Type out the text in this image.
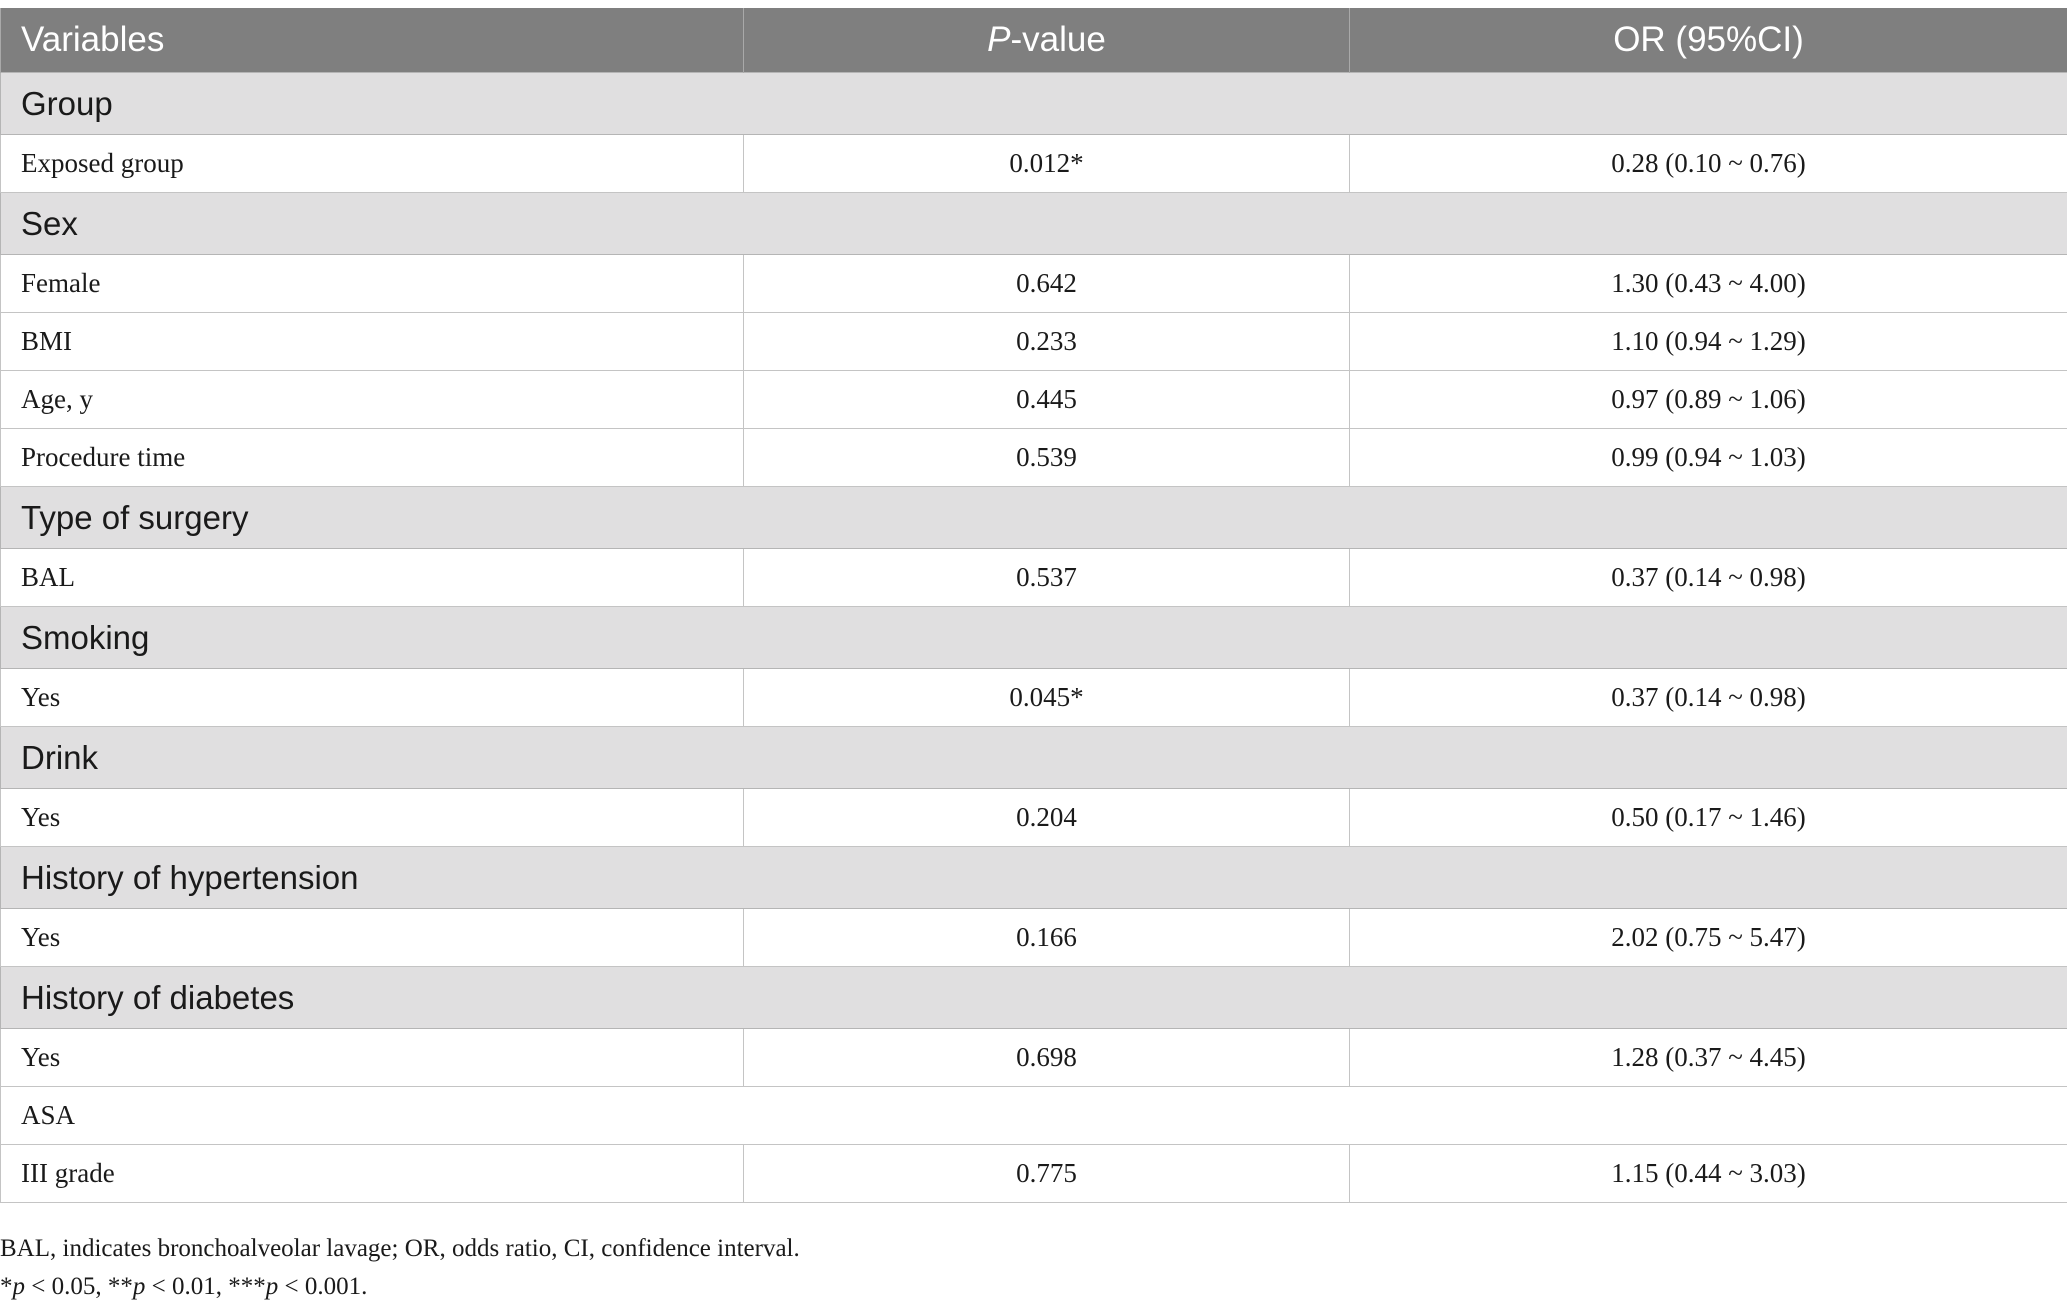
Variables	P-value	OR (95%CI)
Group		
Exposed group	0.012*	0.28 (0.10 ~ 0.76)
Sex		
Female	0.642	1.30 (0.43 ~ 4.00)
BMI	0.233	1.10 (0.94 ~ 1.29)
Age, y	0.445	0.97 (0.89 ~ 1.06)
Procedure time	0.539	0.99 (0.94 ~ 1.03)
Type of surgery		
BAL	0.537	0.37 (0.14 ~ 0.98)
Smoking		
Yes	0.045*	0.37 (0.14 ~ 0.98)
Drink		
Yes	0.204	0.50 (0.17 ~ 1.46)
History of hypertension		
Yes	0.166	2.02 (0.75 ~ 5.47)
History of diabetes		
Yes	0.698	1.28 (0.37 ~ 4.45)
ASA		
III grade	0.775	1.15 (0.44 ~ 3.03)
BAL, indicates bronchoalveolar lavage; OR, odds ratio, CI, confidence interval.
*p < 0.05, **p < 0.01, ***p < 0.001.
